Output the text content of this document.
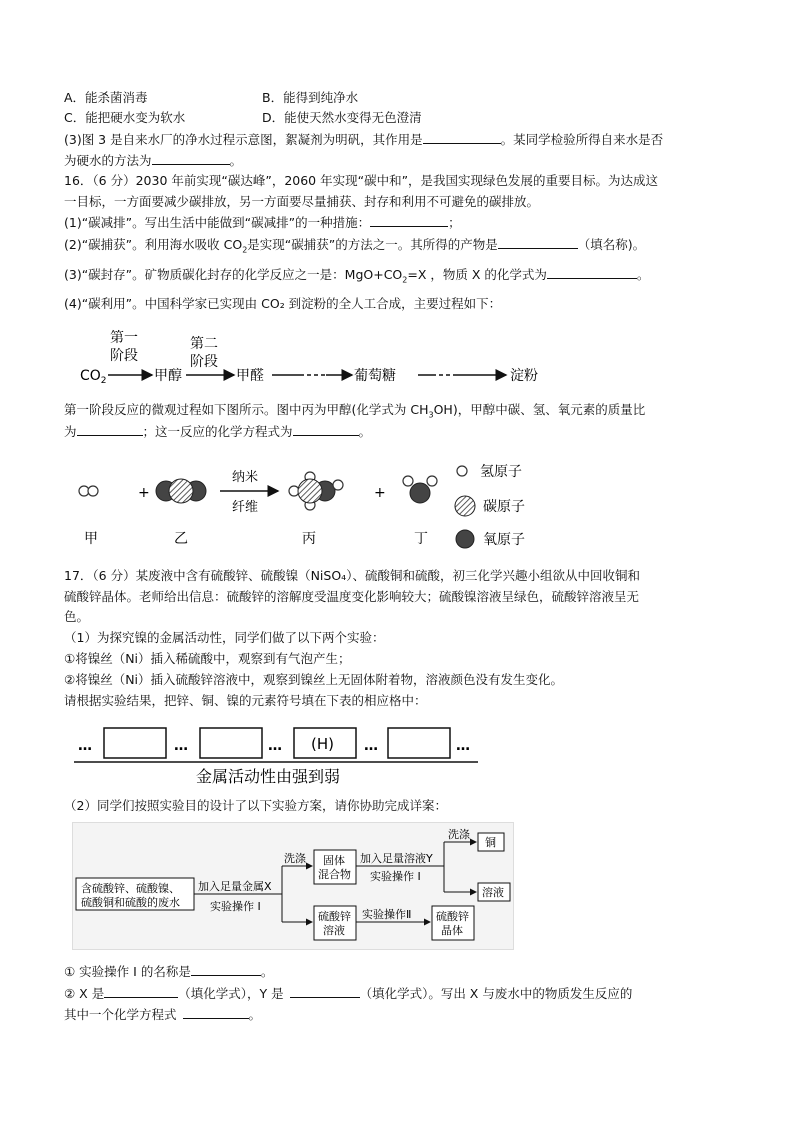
A．能杀菌消毒	B．能得到纯净水
C．能把硬水变为软水	D．能使天然水变得无色澄清
(3)图 3 是自来水厂的净水过程示意图，絮凝剂为明矾，其作用是	。某同学检验所得自来水是否
为硬水的方法为	。
16．（6 分）2030 年前实现“碳达峰”，2060 年实现“碳中和”，是我国实现绿色发展的重要目标。为达成这
一目标，一方面要减少碳排放，另一方面要尽量捕获、封存和利用不可避免的碳排放。
(1)“碳减排”。写出生活中能做到“碳减排”的一种措施：	；
(2)“碳捕获”。利用海水吸收 $CO_2$是实现“碳捕获”的方法之一。其所得的产物是	（填名称)。
(3)“碳封存”。矿物质碳化封存的化学反应之一是：$MgO+CO_2=X$ ，物质 X 的化学式为	。
(4)“碳利用”。中国科学家已实现由 CO₂ 到淀粉的全人工合成，主要过程如下：
$CO_2$
第一
阶段
甲醇
第二
阶段
甲醛	葡萄糖	淀粉
第一阶段反应的微观过程如下图所示。图中丙为甲醇(化学式为 $CH_3OH$)，甲醇中碳、氢、氧元素的质量比
为	；这一反应的化学方程式为	。
+
纳米
纤维
+
甲	乙	丙	丁
氢原子
碳原子
氧原子
17．（6 分）某废液中含有硫酸锌、硫酸镍（NiSO₄）、硫酸铜和硫酸，初三化学兴趣小组欲从中回收铜和
硫酸锌晶体。老师给出信息：硫酸锌的溶解度受温度变化影响较大；硫酸镍溶液呈绿色，硫酸锌溶液呈无
色。
（1）为探究镍的金属活动性，同学们做了以下两个实验：
①将镍丝（Ni）插入稀硫酸中，观察到有气泡产生；
②将镍丝（Ni）插入硫酸锌溶液中，观察到镍丝上无固体附着物，溶液颜色没有发生变化。
请根据实验结果，把锌、铜、镍的元素符号填在下表的相应格中：
…	…	… (H) …	…
金属活动性由强到弱
（2）同学们按照实验目的设计了以下实验方案，请你协助完成详案：
含硫酸锌、硫酸镍、
硫酸铜和硫酸的废水
加入足量金属X
实验操作 I
洗涤 固体
混合物
加入足量溶液Y
实验操作 I
洗涤
铜
溶液
硫酸锌
溶液
实验操作Ⅱ 硫酸锌
晶体
① 实验操作 I 的名称是	。
② X 是	（填化学式），Y 是	（填化学式）。写出 X 与废水中的物质发生反应的
其中一个化学方程式	。
